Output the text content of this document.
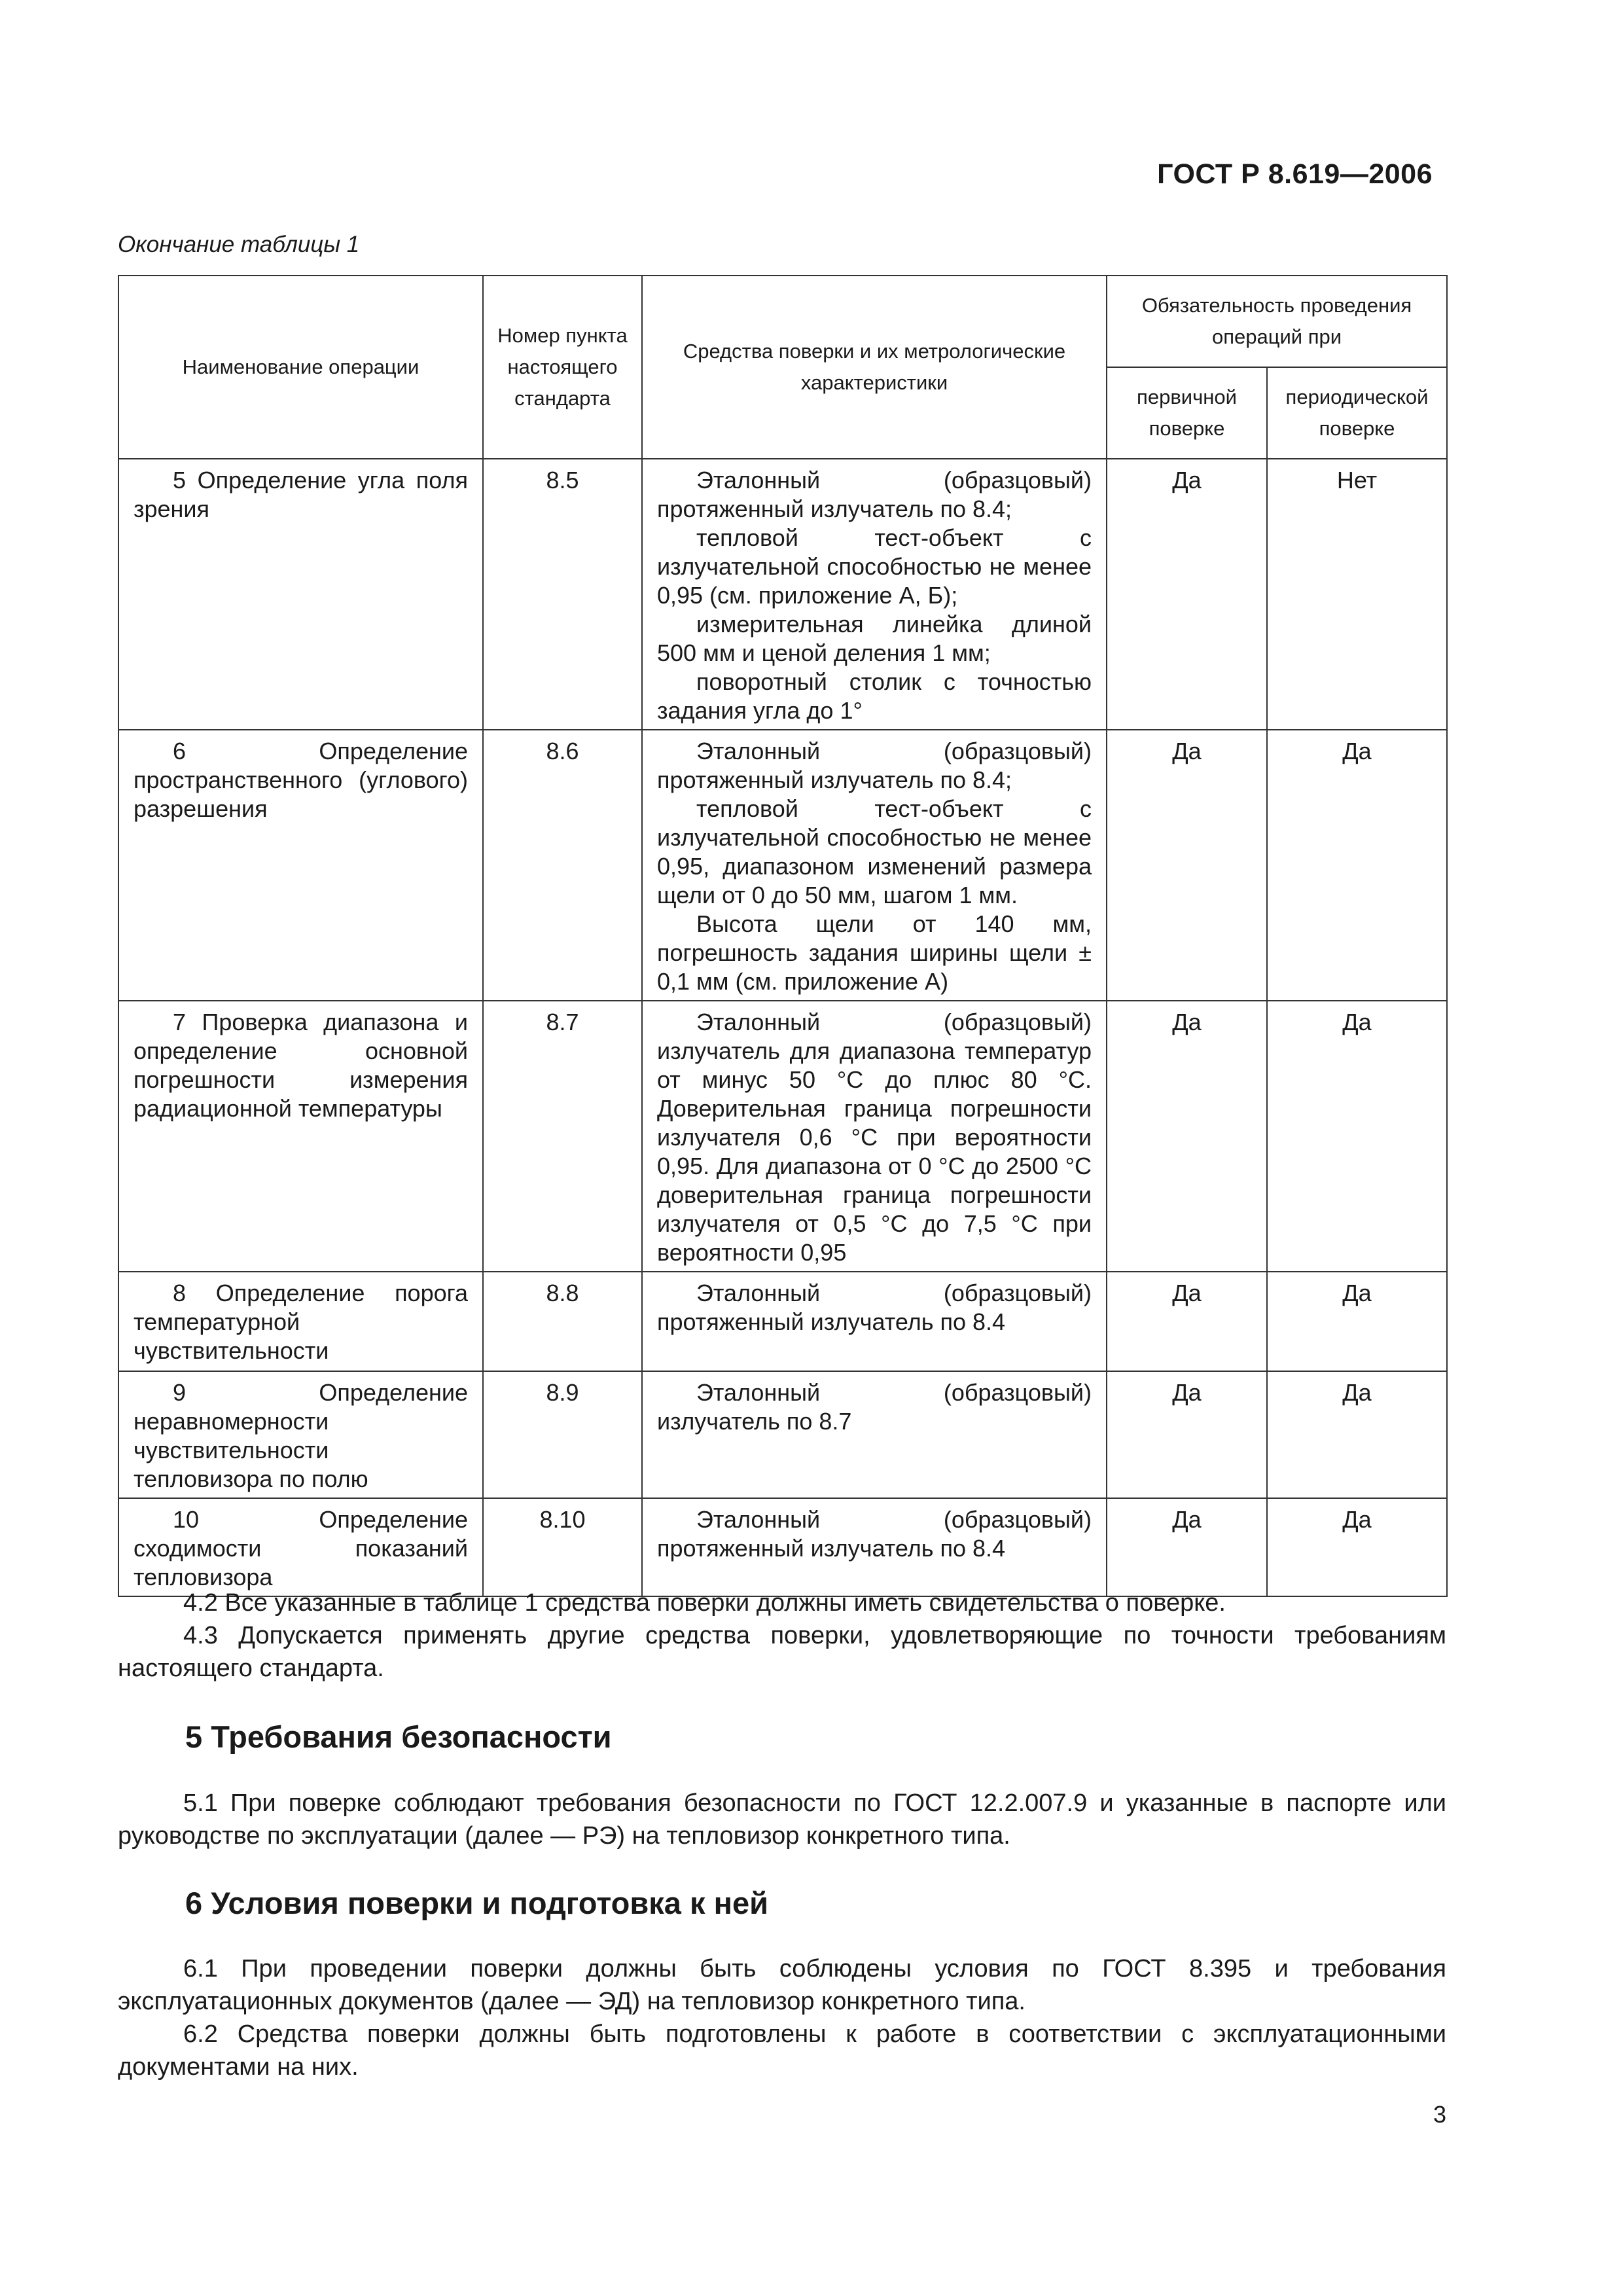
ГОСТ Р 8.619—2006
Окончание таблицы 1
Наименование операции	Номер пункта настоящего стандарта	Средства поверки и их метрологические характеристики	Обязательность проведения операций при	
			первичной поверке	периодической поверке
5 Определение угла поля зрения	8.5	Эталонный (образцовый) протяженный излучатель по 8.4;

тепловой тест-объект с излучательной способностью не менее 0,95 (см. приложение А, Б);

измерительная линейка длиной 500 мм и ценой деления 1 мм;

поворотный столик с точностью задания угла до 1°	Да	Нет
6 Определение пространственного (углового) разрешения	8.6	Эталонный (образцовый) протяженный излучатель по 8.4;

тепловой тест-объект с излучательной способностью не менее 0,95, диапазоном изменений размера щели от 0 до 50 мм, шагом 1 мм.

Высота щели от 140 мм, погрешность задания ширины щели ± 0,1 мм (см. приложение А)	Да	Да
7 Проверка диапазона и определение основной погрешности измерения радиационной температуры	8.7	Эталонный (образцовый) излучатель для диапазона температур от минус 50 °С до плюс 80 °С. Доверительная граница погрешности излучателя 0,6 °С при вероятности 0,95. Для диапазона от 0 °С до 2500 °С доверительная граница погрешности излучателя от 0,5 °С до 7,5 °С при вероятности 0,95	Да	Да
8 Определение порога температурной чувствительности	8.8	Эталонный (образцовый) протяженный излучатель по 8.4	Да	Да
9 Определение неравномерности чувствительности тепловизора по полю	8.9	Эталонный (образцовый) излучатель по 8.7	Да	Да
10 Определение сходимости показаний тепловизора	8.10	Эталонный (образцовый) протяженный излучатель по 8.4	Да	Да

4.2 Все указанные в таблице 1 средства поверки должны иметь свидетельства о поверке.

4.3 Допускается применять другие средства поверки, удовлетворяющие по точности требованиям настоящего стандарта.

5 Требования безопасности

5.1 При поверке соблюдают требования безопасности по ГОСТ 12.2.007.9 и указанные в паспорте или руководстве по эксплуатации (далее — РЭ) на тепловизор конкретного типа.

6 Условия поверки и подготовка к ней

6.1 При проведении поверки должны быть соблюдены условия по ГОСТ 8.395 и требования эксплуатационных документов (далее — ЭД) на тепловизор конкретного типа.

6.2 Средства поверки должны быть подготовлены к работе в соответствии с эксплуатационными документами на них.

3
